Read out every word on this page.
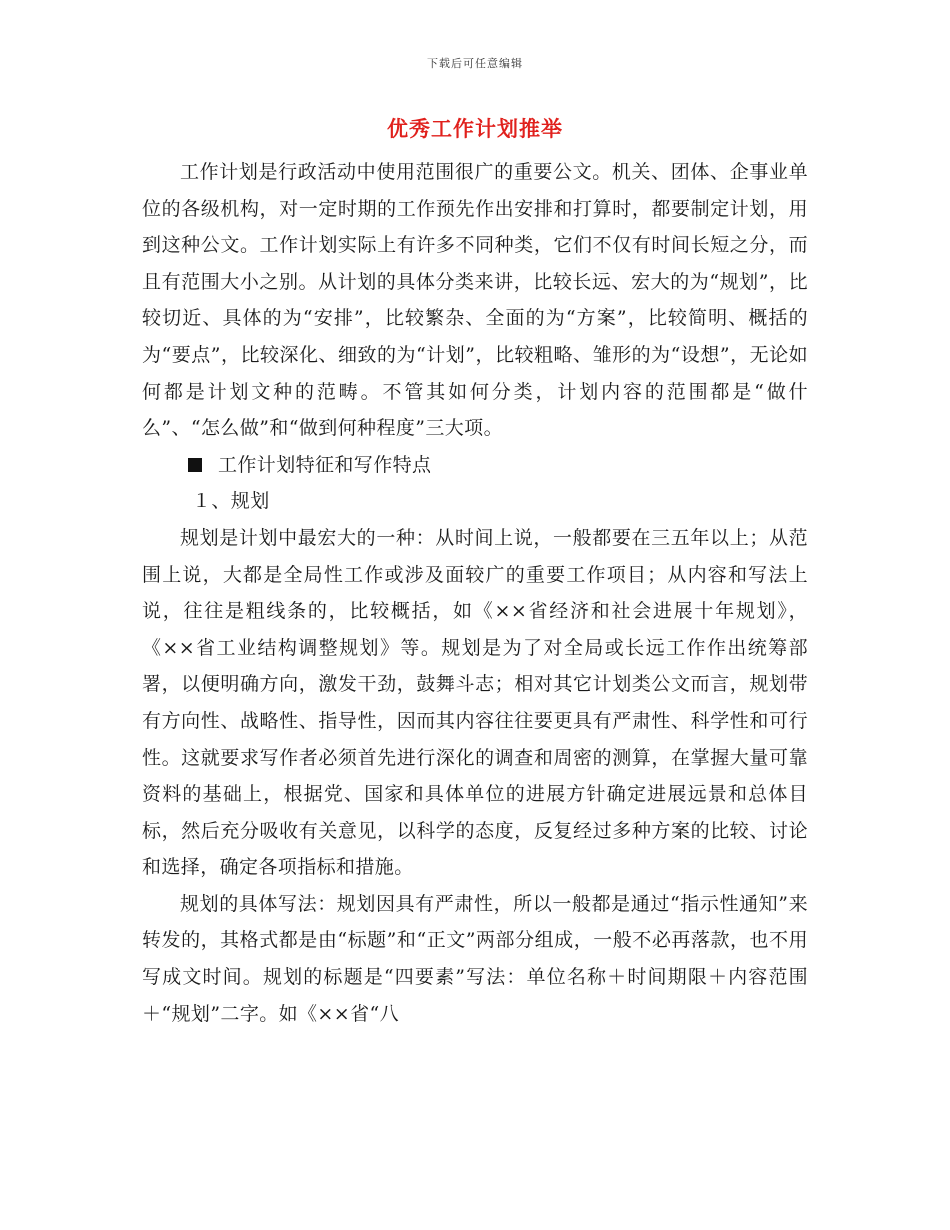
下载后可任意编辑
优秀工作计划推举

工作计划是行政活动中使用范围很广的重要公文。机关、团体、企事业单位的各级机构，对一定时期的工作预先作出安排和打算时，都要制定计划，用到这种公文。工作计划实际上有许多不同种类，它们不仅有时间长短之分，而且有范围大小之别。从计划的具体分类来讲，比较长远、宏大的为“规划”，比较切近、具体的为“安排”，比较繁杂、全面的为“方案”，比较简明、概括的为“要点”，比较深化、细致的为“计划”，比较粗略、雏形的为“设想”，无论如何都是计划文种的范畴。不管其如何分类，计划内容的范围都是“做什么”、“怎么做”和“做到何种程度”三大项。

工作计划特征和写作特点
１、规划

规划是计划中最宏大的一种：从时间上说，一般都要在三五年以上；从范围上说，大都是全局性工作或涉及面较广的重要工作项目；从内容和写法上说，往往是粗线条的，比较概括，如《××省经济和社会进展十年规划》，《××省工业结构调整规划》等。规划是为了对全局或长远工作作出统筹部署，以便明确方向，激发干劲，鼓舞斗志；相对其它计划类公文而言，规划带有方向性、战略性、指导性，因而其内容往往要更具有严肃性、科学性和可行性。这就要求写作者必须首先进行深化的调查和周密的测算，在掌握大量可靠资料的基础上，根据党、国家和具体单位的进展方针确定进展远景和总体目标，然后充分吸收有关意见，以科学的态度，反复经过多种方案的比较、讨论和选择，确定各项指标和措施。

规划的具体写法：规划因具有严肃性，所以一般都是通过“指示性通知”来转发的，其格式都是由“标题”和“正文”两部分组成，一般不必再落款，也不用写成文时间。规划的标题是“四要素”写法：单位名称＋时间期限＋内容范围＋“规划”二字。如《××省“八
